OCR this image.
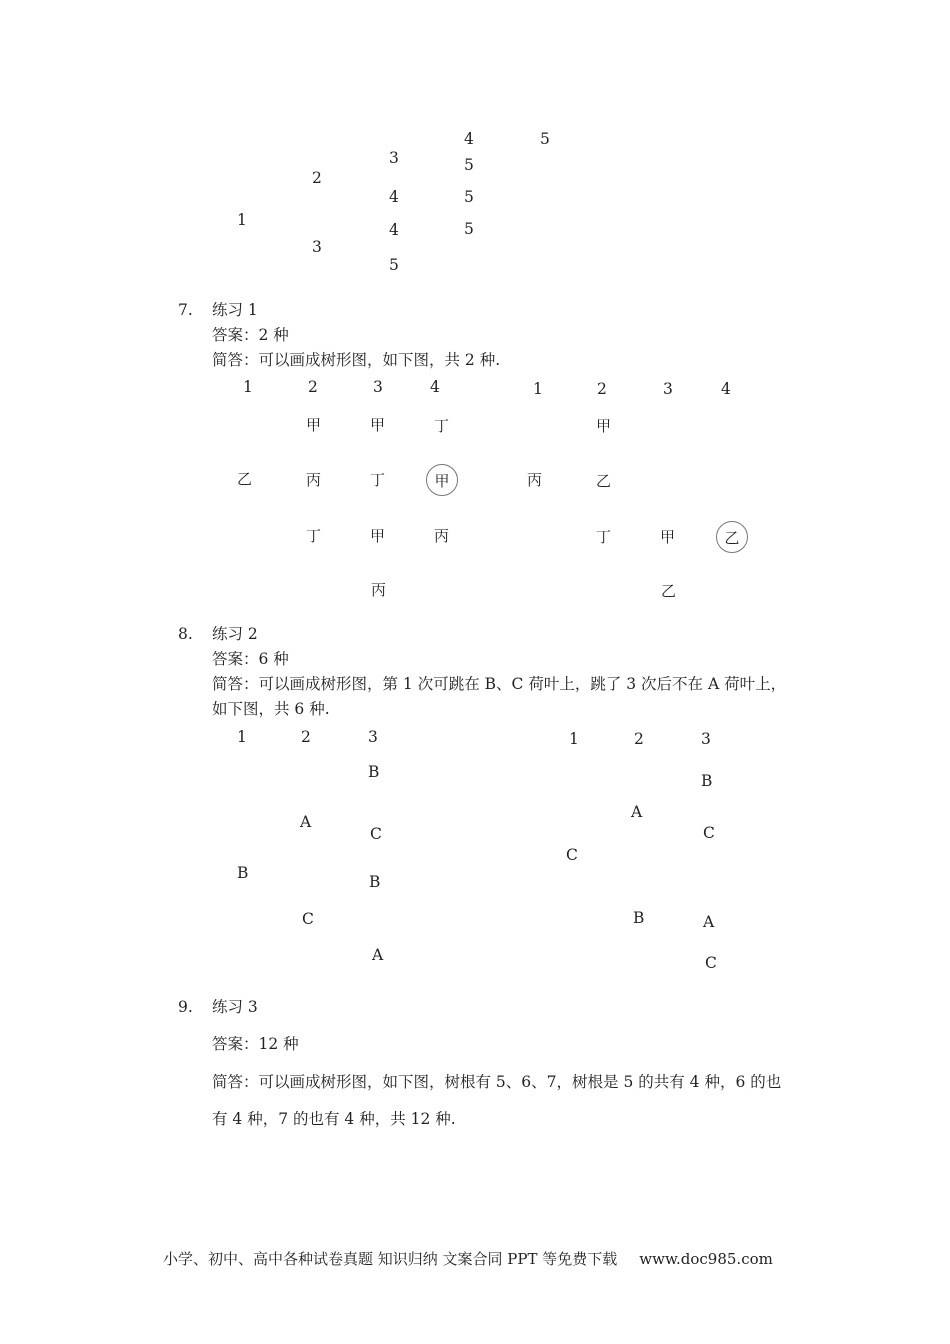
1
2
3
3
4
4
5
4
5
5
5
5
7. 练习 1
答案：2 种
简答：可以画成树形图，如下图，共 2 种.
1	2	3	4
乙
甲
丙
丁
甲
丁
甲
丙
丁
甲
丙
1	2	3	4
丙
甲
乙
丁	甲
乙
乙
8. 练习 2
答案：6 种
简答：可以画成树形图，第 1 次可跳在 B、C 荷叶上，跳了 3 次后不在 A 荷叶上，
如下图，共 6 种.
1	2	3
B
A
C
B
C
B
A
1	2	3
C
A
B
B
C
A
C
9. 练习 3
答案：12 种
简答：可以画成树形图，如下图，树根有 5、6、7，树根是 5 的共有 4 种，6 的也
有 4 种，7 的也有 4 种，共 12 种.
小学、初中、高中各种试卷真题 知识归纳 文案合同 PPT 等免费下载 www.doc985.com
